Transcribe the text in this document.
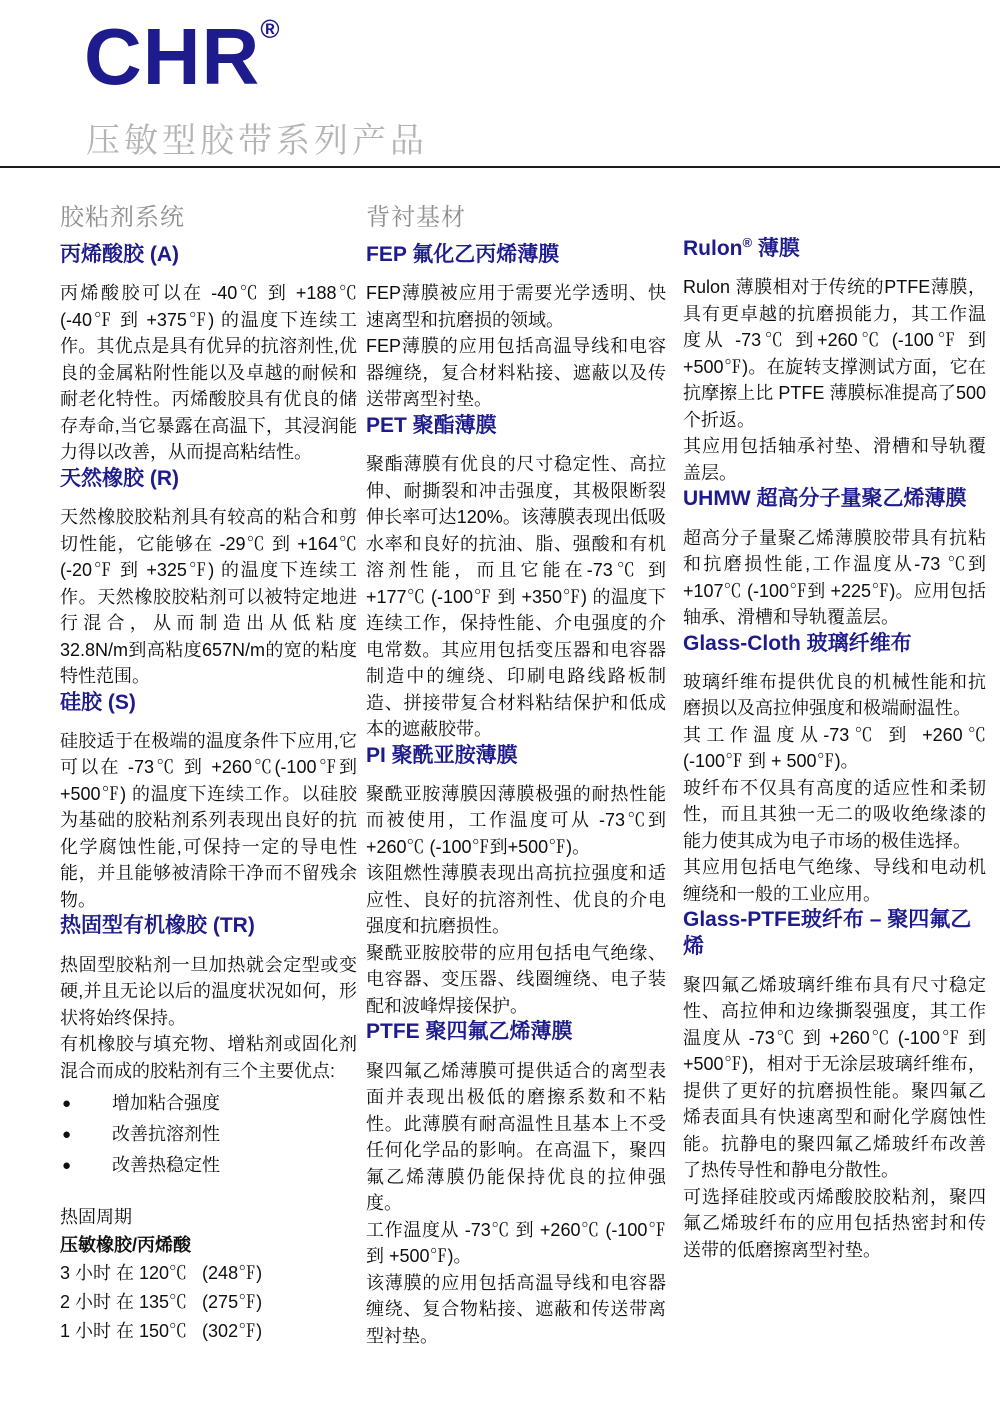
CHR®
压敏型胶带系列产品
胶粘剂系统
丙烯酸胶 (A)

丙烯酸胶可以在 -40℃ 到 +188℃ (-40℉ 到 +375℉) 的温度下连续工作。其优点是具有优异的抗溶剂性,优良的金属粘附性能以及卓越的耐候和耐老化特性。丙烯酸胶具有优良的储存寿命,当它暴露在高温下，其浸润能力得以改善，从而提高粘结性。

天然橡胶 (R)

天然橡胶胶粘剂具有较高的粘合和剪切性能，它能够在 -29℃ 到 +164℃ (-20℉ 到 +325℉) 的温度下连续工作。天然橡胶胶粘剂可以被特定地进行混合，从而制造出从低粘度32.8N/m到高粘度657N/m的宽的粘度特性范围。

硅胶 (S)

硅胶适于在极端的温度条件下应用,它可以在 -73℃ 到 +260℃(-100℉到+500℉) 的温度下连续工作。以硅胶为基础的胶粘剂系列表现出良好的抗化学腐蚀性能,可保持一定的导电性能，并且能够被清除干净而不留残余物。

热固型有机橡胶 (TR)

热固型胶粘剂一旦加热就会定型或变硬,并且无论以后的温度状况如何，形状将始终保持。

有机橡胶与填充物、增粘剂或固化剂混合而成的胶粘剂有三个主要优点:

●	增加粘合强度
●	改善抗溶剂性
●	改善热稳定性
热固周期
压敏橡胶/丙烯酸
3 小时 在 120℃   (248℉)
2 小时 在 135℃   (275℉)
1 小时 在 150℃   (302℉)
背衬基材
FEP 氟化乙丙烯薄膜

FEP薄膜被应用于需要光学透明、快速离型和抗磨损的领域。

FEP薄膜的应用包括高温导线和电容器缠绕，复合材料粘接、遮蔽以及传送带离型衬垫。

PET 聚酯薄膜

聚酯薄膜有优良的尺寸稳定性、高拉伸、耐撕裂和冲击强度，其极限断裂伸长率可达120%。该薄膜表现出低吸水率和良好的抗油、脂、强酸和有机溶剂性能，而且它能在-73℃ 到 +177℃ (-100℉ 到 +350℉) 的温度下连续工作，保持性能、介电强度的介电常数。其应用包括变压器和电容器制造中的缠绕、印刷电路线路板制造、拼接带复合材料粘结保护和低成本的遮蔽胶带。

PI 聚酰亚胺薄膜

聚酰亚胺薄膜因薄膜极强的耐热性能而被使用，工作温度可从 -73℃到+260℃ (-100℉到+500℉)。

该阻燃性薄膜表现出高抗拉强度和适应性、良好的抗溶剂性、优良的介电强度和抗磨损性。

聚酰亚胺胶带的应用包括电气绝缘、电容器、变压器、线圈缠绕、电子装配和波峰焊接保护。

PTFE 聚四氟乙烯薄膜

聚四氟乙烯薄膜可提供适合的离型表面并表现出极低的磨擦系数和不粘性。此薄膜有耐高温性且基本上不受任何化学品的影响。在高温下，聚四氟乙烯薄膜仍能保持优良的拉伸强度。

工作温度从 -73℃ 到 +260℃ (-100℉到 +500℉)。

该薄膜的应用包括高温导线和电容器缠绕、复合物粘接、遮蔽和传送带离型衬垫。

Rulon® 薄膜

Rulon 薄膜相对于传统的PTFE薄膜，具有更卓越的抗磨损能力，其工作温度从 -73℃ 到+260℃ (-100℉ 到 +500℉)。在旋转支撑测试方面，它在抗摩擦上比 PTFE 薄膜标准提高了500 个折返。

其应用包括轴承衬垫、滑槽和导轨覆盖层。

UHMW 超高分子量聚乙烯薄膜

超高分子量聚乙烯薄膜胶带具有抗粘和抗磨损性能,工作温度从-73 ℃到+107℃ (-100℉到 +225℉)。应用包括轴承、滑槽和导轨覆盖层。

Glass-Cloth 玻璃纤维布

玻璃纤维布提供优良的机械性能和抗磨损以及高拉伸强度和极端耐温性。

其工作温度从-73℃ 到 +260℃ (-100℉ 到 + 500℉)。

玻纤布不仅具有高度的适应性和柔韧性，而且其独一无二的吸收绝缘漆的能力使其成为电子市场的极佳选择。

其应用包括电气绝缘、导线和电动机缠绕和一般的工业应用。

Glass-PTFE玻纤布 – 聚四氟乙烯

聚四氟乙烯玻璃纤维布具有尺寸稳定性、高拉伸和边缘撕裂强度，其工作温度从 -73℃ 到 +260℃ (-100℉ 到 +500℉)，相对于无涂层玻璃纤维布，提供了更好的抗磨损性能。聚四氟乙烯表面具有快速离型和耐化学腐蚀性能。抗静电的聚四氟乙烯玻纤布改善了热传导性和静电分散性。

可选择硅胶或丙烯酸胶胶粘剂，聚四氟乙烯玻纤布的应用包括热密封和传送带的低磨擦离型衬垫。
